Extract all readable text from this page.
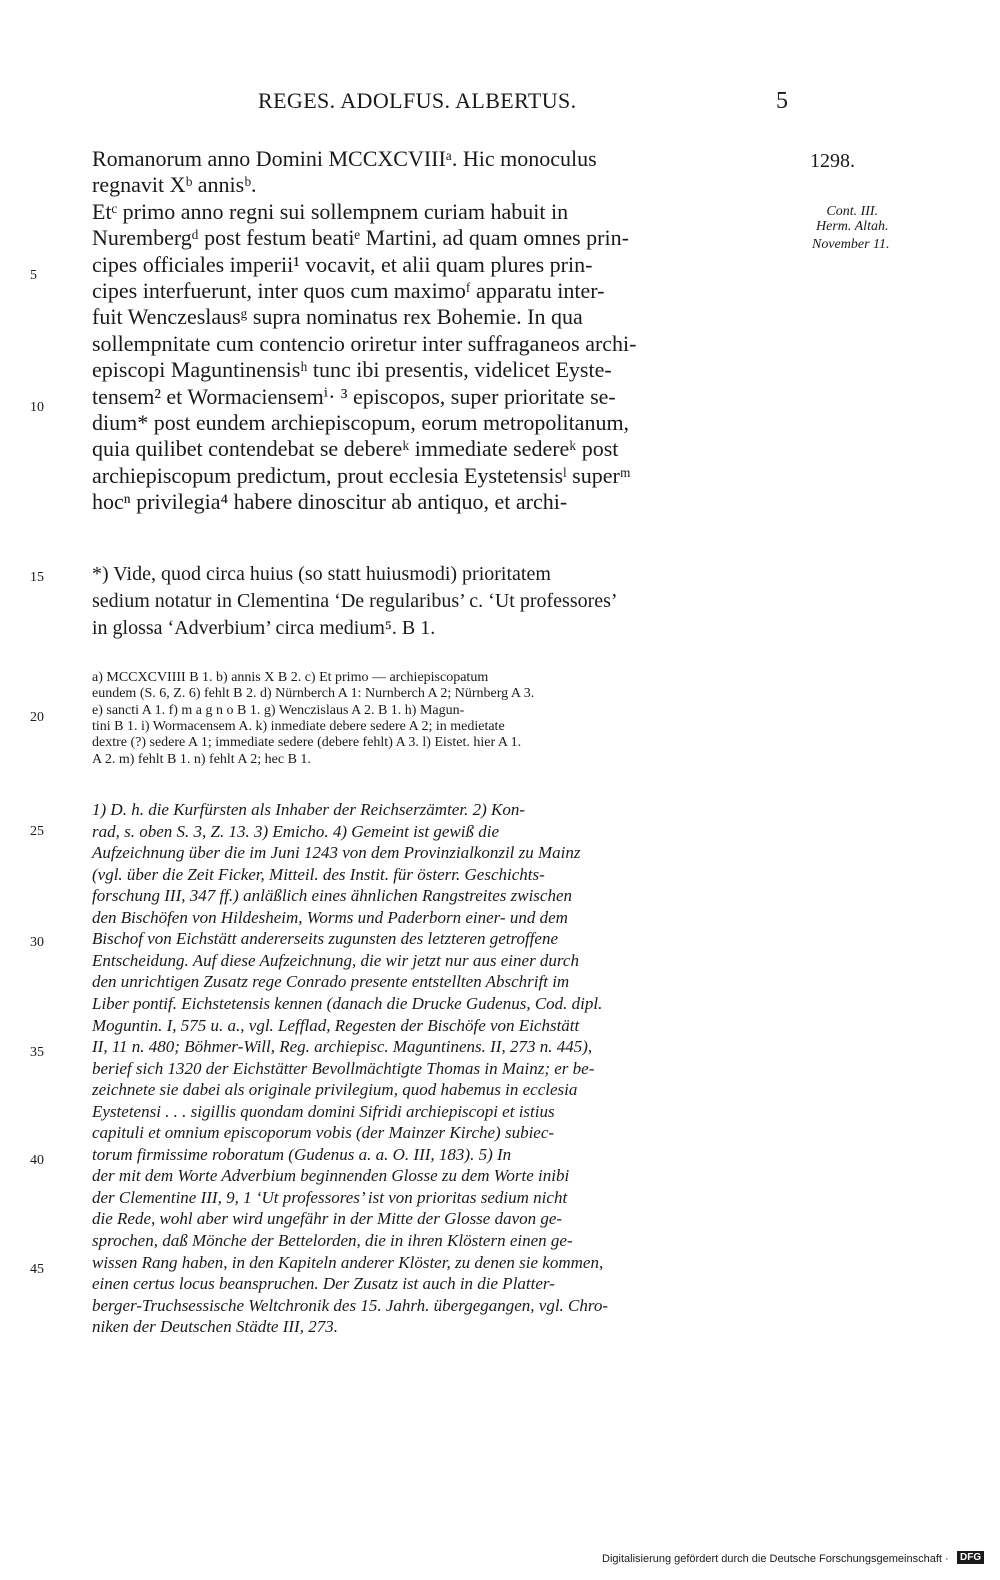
REGES. ADOLFUS. ALBERTUS.	5
1298.
Cont. III.
Herm. Altah.
November 11.
Romanorum anno Domini MCCXCVIIIᵃ. Hic monoculus
regnavit Xᵇ annisᵇ.
Etᶜ primo anno regni sui sollempnem curiam habuit in
Nurembergᵈ post festum beatiᵉ Martini, ad quam omnes prin-
cipes officiales imperii¹ vocavit, et alii quam plures prin-
cipes interfuerunt, inter quos cum maximoᶠ apparatu inter-
fuit Wenczeslausᵍ supra nominatus rex Bohemie. In qua
sollempnitate cum contencio oriretur inter suffraganeos archi-
episcopi Maguntinensisʰ tunc ibi presentis, videlicet Eyste-
tensem² et Wormaciensemⁱ· ³ episcopos, super prioritate se-
dium* post eundem archiepiscopum, eorum metropolitanum,
quia quilibet contendebat se debereᵏ immediate sedereᵏ post
archiepiscopum predictum, prout ecclesia Eystetensisˡ superᵐ
hocⁿ privilegia⁴ habere dinoscitur ab antiquo, et archi-
*) Vide, quod circa huius (so statt huiusmodi) prioritatem
sedium notatur in Clementina ʻDe regularibus’ c. ʻUt professores’
in glossa ʻAdverbium’ circa medium⁵. B 1.
a) MCCXCVIIII B 1. b) annis X B 2. c) Et primo — archiepiscopatum
eundem (S. 6, Z. 6) fehlt B 2. d) Nürnberch A 1: Nurnberch A 2; Nürnberg A 3.
e) sancti A 1. f) m a g n o B 1. g) Wenczislaus A 2. B 1. h) Magun-
tini B 1. i) Wormacensem A. k) inmediate debere sedere A 2; in medietate
dextre (?) sedere A 1; immediate sedere (debere fehlt) A 3. l) Eistet. hier A 1.
A 2. m) fehlt B 1. n) fehlt A 2; hec B 1.
1) D. h. die Kurfürsten als Inhaber der Reichserzämter. 2) Kon-
rad, s. oben S. 3, Z. 13. 3) Emicho. 4) Gemeint ist gewiß die
Aufzeichnung über die im Juni 1243 von dem Provinzialkonzil zu Mainz
(vgl. über die Zeit Ficker, Mitteil. des Instit. für österr. Geschichts-
forschung III, 347 ff.) anläßlich eines ähnlichen Rangstreites zwischen
den Bischöfen von Hildesheim, Worms und Paderborn einer- und dem
Bischof von Eichstätt andererseits zugunsten des letzteren getroffene
Entscheidung. Auf diese Aufzeichnung, die wir jetzt nur aus einer durch
den unrichtigen Zusatz rege Conrado presente entstellten Abschrift im
Liber pontif. Eichstetensis kennen (danach die Drucke Gudenus, Cod. dipl.
Moguntin. I, 575 u. a., vgl. Lefflad, Regesten der Bischöfe von Eichstätt
II, 11 n. 480; Böhmer-Will, Reg. archiepisc. Maguntinens. II, 273 n. 445),
berief sich 1320 der Eichstätter Bevollmächtigte Thomas in Mainz; er be-
zeichnete sie dabei als originale privilegium, quod habemus in ecclesia
Eystetensi . . . sigillis quondam domini Sifridi archiepiscopi et istius
capituli et omnium episcoporum vobis (der Mainzer Kirche) subiec-
torum firmissime roboratum (Gudenus a. a. O. III, 183). 5) In
der mit dem Worte Adverbium beginnenden Glosse zu dem Worte inibi
der Clementine III, 9, 1 ʻUt professores’ ist von prioritas sedium nicht
die Rede, wohl aber wird ungefähr in der Mitte der Glosse davon ge-
sprochen, daß Mönche der Bettelorden, die in ihren Klöstern einen ge-
wissen Rang haben, in den Kapiteln anderer Klöster, zu denen sie kommen,
einen certus locus beanspruchen. Der Zusatz ist auch in die Platter-
berger-Truchsessische Weltchronik des 15. Jahrh. übergegangen, vgl. Chro-
niken der Deutschen Städte III, 273.
5
10
15
20
25
30
35
40
45
Digitalisierung gefördert durch die Deutsche Forschungsgemeinschaft ·	DFG
